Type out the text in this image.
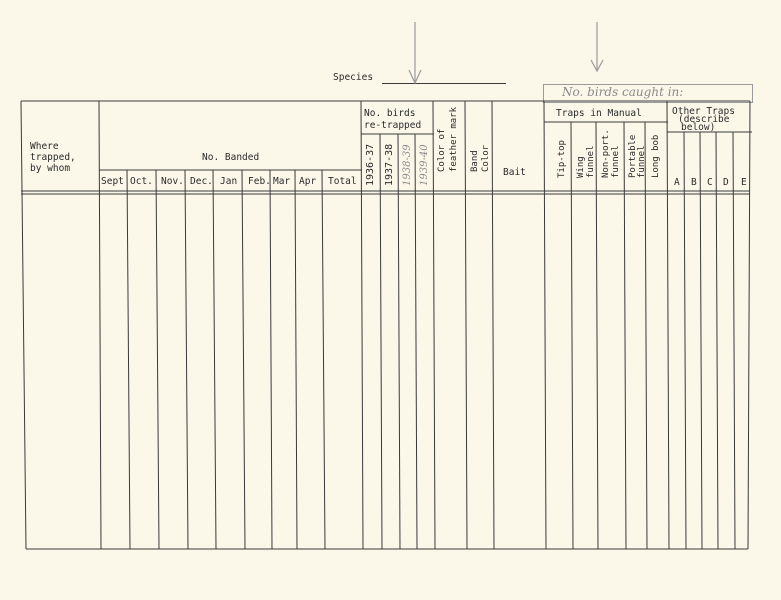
Species
No. birds caught in:
Where
trapped,
by whom
No. Banded
Sept Oct. Nov. Dec. Jan Feb. Mar Apr Total
No. birds
re-trapped
1936-37 1937-38 1938-39 1939-40 Color of feather mark Band Color
Bait
Traps in Manual
Tip-top Wing funnel Non-port. funnel Portable funnel Long bob
Other Traps
(describe
below)
A B C D E
